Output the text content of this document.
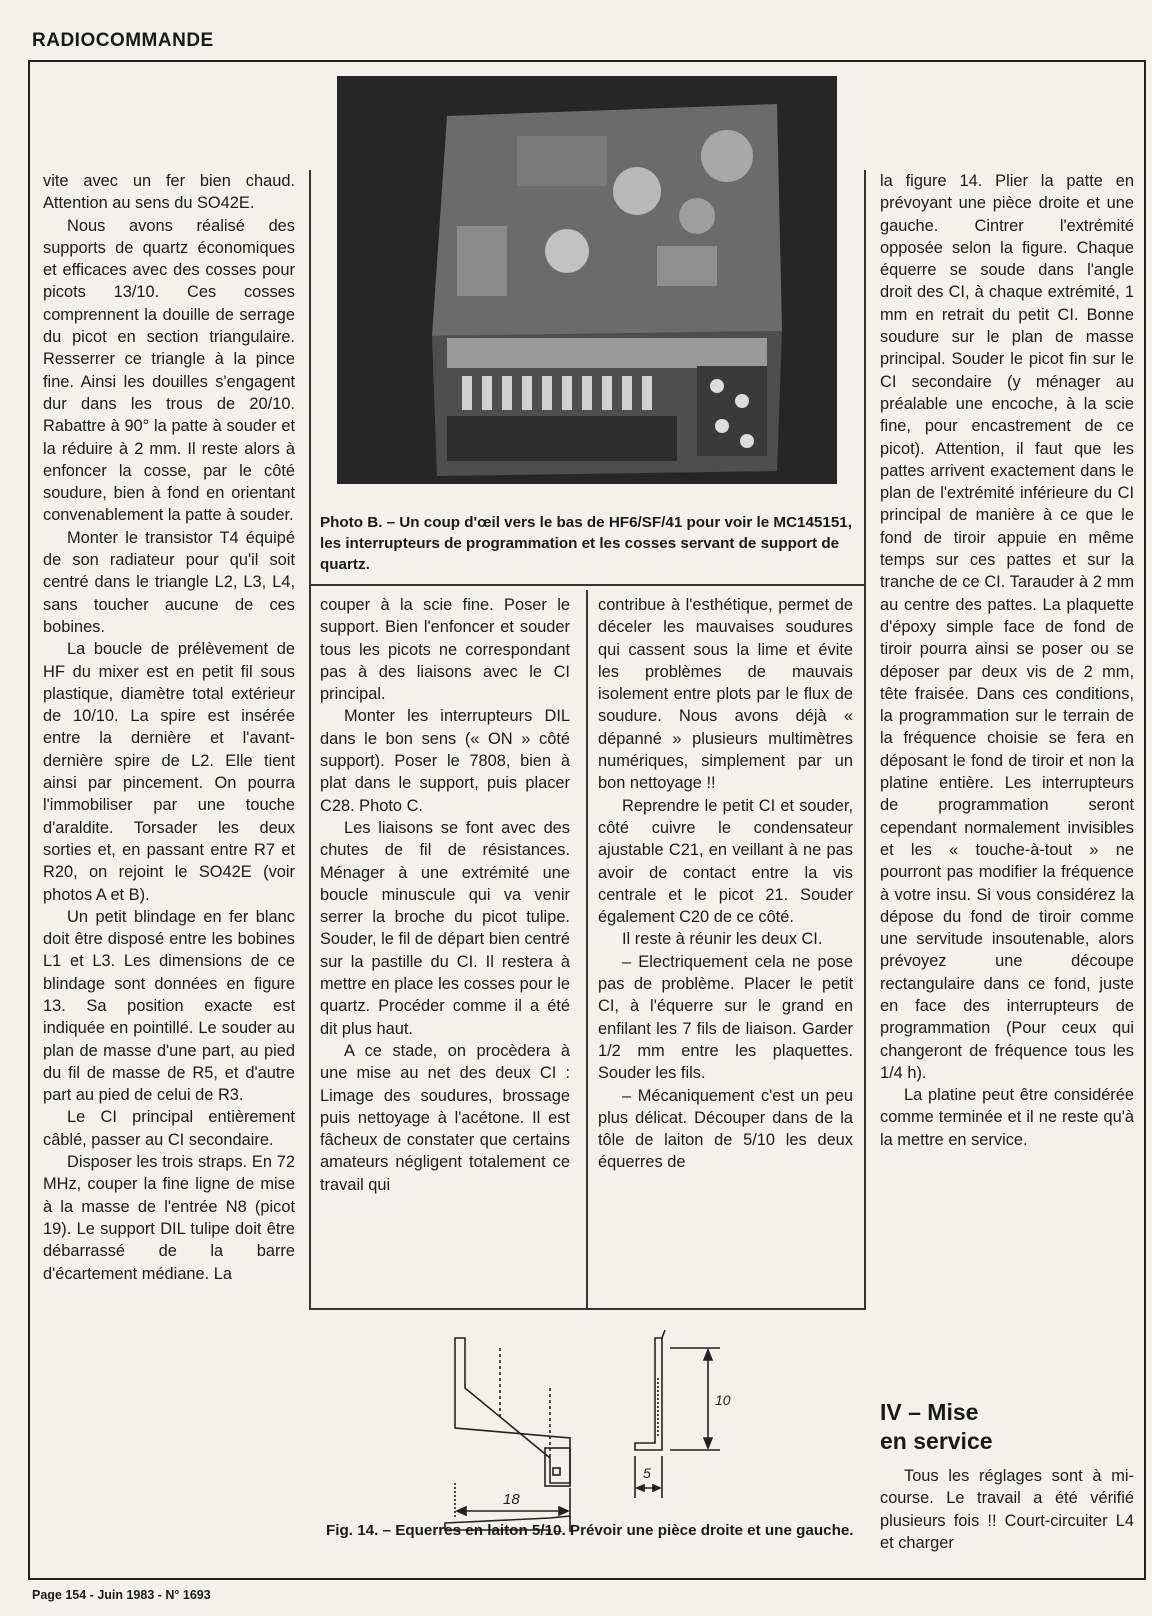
RADIOCOMMANDE

vite avec un fer bien chaud. Attention au sens du SO42E.

Nous avons réalisé des supports de quartz économiques et efficaces avec des cosses pour picots 13/10. Ces cosses comprennent la douille de serrage du picot en section triangulaire. Resserrer ce triangle à la pince fine. Ainsi les douilles s'engagent dur dans les trous de 20/10. Rabattre à 90° la patte à souder et la réduire à 2 mm. Il reste alors à enfoncer la cosse, par le côté soudure, bien à fond en orientant convenablement la patte à souder.

Monter le transistor T4 équipé de son radiateur pour qu'il soit centré dans le triangle L2, L3, L4, sans toucher aucune de ces bobines.

La boucle de prélèvement de HF du mixer est en petit fil sous plastique, diamètre total extérieur de 10/10. La spire est insérée entre la dernière et l'avant-dernière spire de L2. Elle tient ainsi par pincement. On pourra l'immobiliser par une touche d'araldite. Torsader les deux sorties et, en passant entre R7 et R20, on rejoint le SO42E (voir photos A et B).

Un petit blindage en fer blanc doit être disposé entre les bobines L1 et L3. Les dimensions de ce blindage sont données en figure 13. Sa position exacte est indiquée en pointillé. Le souder au plan de masse d'une part, au pied du fil de masse de R5, et d'autre part au pied de celui de R3.

Le CI principal entièrement câblé, passer au CI secondaire.

Disposer les trois straps. En 72 MHz, couper la fine ligne de mise à la masse de l'entrée N8 (picot 19). Le support DIL tulipe doit être débarrassé de la barre d'écartement médiane. La

Photo B. – Un coup d'œil vers le bas de HF6/SF/41 pour voir le MC145151, les interrupteurs de programmation et les cosses servant de support de quartz.

couper à la scie fine. Poser le support. Bien l'enfoncer et souder tous les picots ne correspondant pas à des liaisons avec le CI principal.

Monter les interrupteurs DIL dans le bon sens (« ON » côté support). Poser le 7808, bien à plat dans le support, puis placer C28. Photo C.

Les liaisons se font avec des chutes de fil de résistances. Ménager à une extrémité une boucle minuscule qui va venir serrer la broche du picot tulipe. Souder, le fil de départ bien centré sur la pastille du CI. Il restera à mettre en place les cosses pour le quartz. Procéder comme il a été dit plus haut.

A ce stade, on procèdera à une mise au net des deux CI : Limage des soudures, brossage puis nettoyage à l'acétone. Il est fâcheux de constater que certains amateurs négligent totalement ce travail qui

contribue à l'esthétique, permet de déceler les mauvaises soudures qui cassent sous la lime et évite les problèmes de mauvais isolement entre plots par le flux de soudure. Nous avons déjà « dépanné » plusieurs multimètres numériques, simplement par un bon nettoyage !!

Reprendre le petit CI et souder, côté cuivre le condensateur ajustable C21, en veillant à ne pas avoir de contact entre la vis centrale et le picot 21. Souder également C20 de ce côté.

Il reste à réunir les deux CI.

– Electriquement cela ne pose pas de problème. Placer le petit CI, à l'équerre sur le grand en enfilant les 7 fils de liaison. Garder 1/2 mm entre les plaquettes. Souder les fils.

– Mécaniquement c'est un peu plus délicat. Découper dans de la tôle de laiton de 5/10 les deux équerres de

18
10
5
Fig. 14. – Equerres en laiton 5/10. Prévoir une pièce droite et une gauche.

la figure 14. Plier la patte en prévoyant une pièce droite et une gauche. Cintrer l'extrémité opposée selon la figure. Chaque équerre se soude dans l'angle droit des CI, à chaque extrémité, 1 mm en retrait du petit CI. Bonne soudure sur le plan de masse principal. Souder le picot fin sur le CI secondaire (y ménager au préalable une encoche, à la scie fine, pour encastrement de ce picot). Attention, il faut que les pattes arrivent exactement dans le plan de l'extrémité inférieure du CI principal de manière à ce que le fond de tiroir appuie en même temps sur ces pattes et sur la tranche de ce CI. Tarauder à 2 mm au centre des pattes. La plaquette d'époxy simple face de fond de tiroir pourra ainsi se poser ou se déposer par deux vis de 2 mm, tête fraisée. Dans ces conditions, la programmation sur le terrain de la fréquence choisie se fera en déposant le fond de tiroir et non la platine entière. Les interrupteurs de programmation seront cependant normalement invisibles et les « touche-à-tout » ne pourront pas modifier la fréquence à votre insu. Si vous considérez la dépose du fond de tiroir comme une servitude insoutenable, alors prévoyez une découpe rectangulaire dans ce fond, juste en face des interrupteurs de programmation (Pour ceux qui changeront de fréquence tous les 1/4 h).

La platine peut être considérée comme terminée et il ne reste qu'à la mettre en service.

IV – Mise
en service

Tous les réglages sont à mi-course. Le travail a été vérifié plusieurs fois !! Court-circuiter L4 et charger

Page 154 - Juin 1983 - N° 1693
